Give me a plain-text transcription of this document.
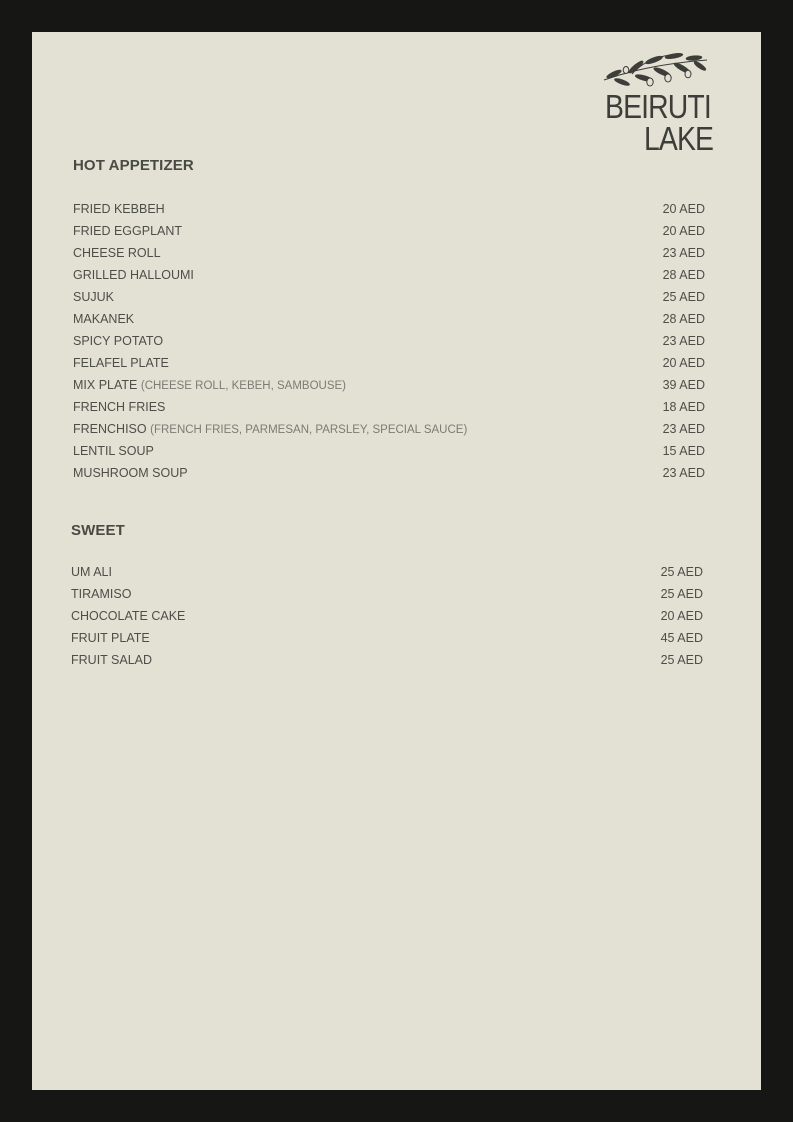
BEIRUTI
LAKE
HOT APPETIZER
FRIED KEBBEH	20 AED
FRIED EGGPLANT	20 AED
CHEESE ROLL	23 AED
GRILLED HALLOUMI	28 AED
SUJUK	25 AED
MAKANEK	28 AED
SPICY POTATO	23 AED
FELAFEL PLATE	20 AED
MIX PLATE (CHEESE ROLL, KEBEH, SAMBOUSE)	39 AED
FRENCH FRIES	18 AED
FRENCHISO (FRENCH FRIES, PARMESAN, PARSLEY, SPECIAL SAUCE)	23 AED
LENTIL SOUP	15 AED
MUSHROOM SOUP	23 AED
SWEET
UM ALI	25 AED
TIRAMISO	25 AED
CHOCOLATE CAKE	20 AED
FRUIT PLATE	45 AED
FRUIT SALAD	25 AED
